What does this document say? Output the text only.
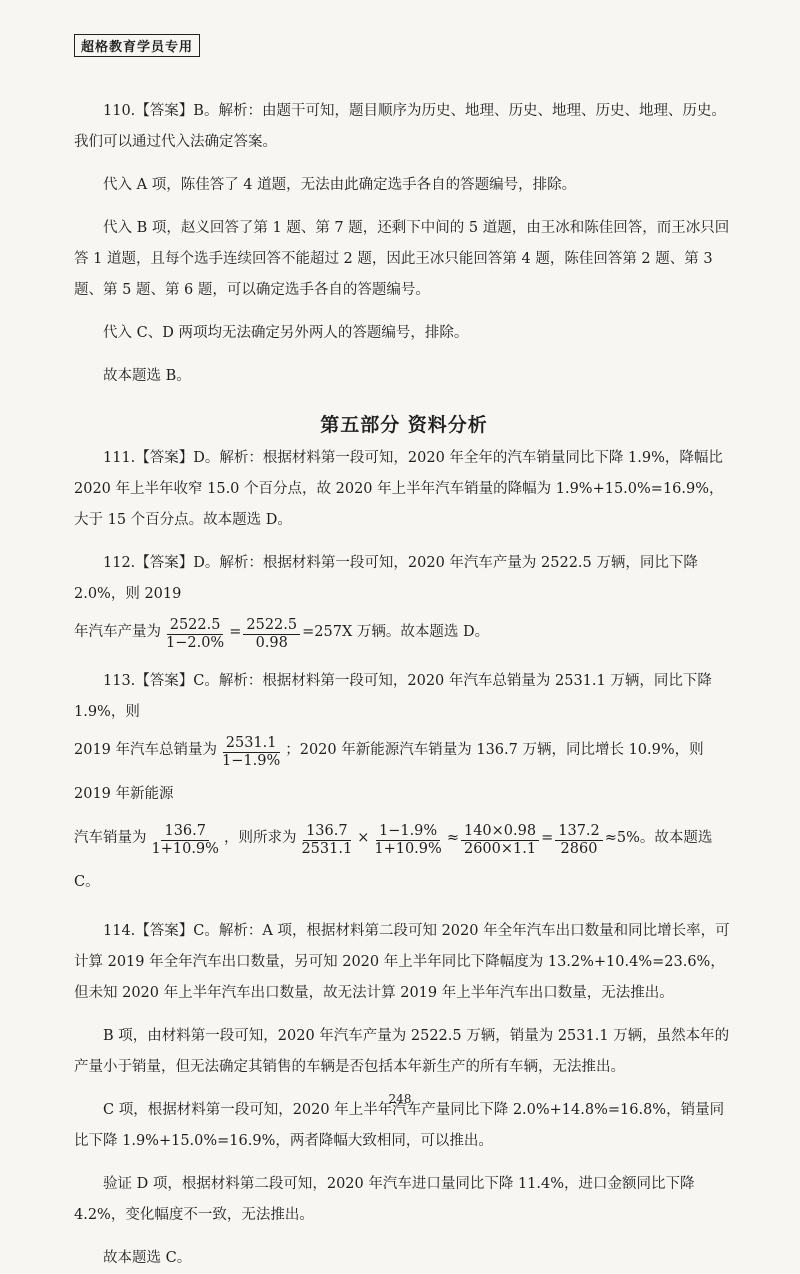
超格教育学员专用

110.【答案】B。解析：由题干可知，题目顺序为历史、地理、历史、地理、历史、地理、历史。我们可以通过代入法确定答案。

代入 A 项，陈佳答了 4 道题，无法由此确定选手各自的答题编号，排除。

代入 B 项，赵义回答了第 1 题、第 7 题，还剩下中间的 5 道题，由王冰和陈佳回答，而王冰只回答 1 道题，且每个选手连续回答不能超过 2 题，因此王冰只能回答第 4 题，陈佳回答第 2 题、第 3 题、第 5 题、第 6 题，可以确定选手各自的答题编号。

代入 C、D 两项均无法确定另外两人的答题编号，排除。

故本题选 B。

第五部分 资料分析

111.【答案】D。解析：根据材料第一段可知，2020 年全年的汽车销量同比下降 1.9%，降幅比 2020 年上半年收窄 15.0 个百分点，故 2020 年上半年汽车销量的降幅为 1.9%+15.0%=16.9%，大于 15 个百分点。故本题选 D。

112.【答案】D。解析：根据材料第一段可知，2020 年汽车产量为 2522.5 万辆，同比下降 2.0%，则 2019

年汽车产量为 $\frac{2522.5}{1-2.0\%} = \frac{2522.5}{0.98} =257X$ 万辆。故本题选 D。

113.【答案】C。解析：根据材料第一段可知，2020 年汽车总销量为 2531.1 万辆，同比下降 1.9%，则

2019 年汽车总销量为 $\frac{2531.1}{1-1.9\%}$ ；2020 年新能源汽车销量为 136.7 万辆，同比增长 10.9%，则 2019 年新能源

汽车销量为 $\frac{136.7}{1+10.9\%}$ ，则所求为 $\frac{136.7}{2531.1} \times \frac{1-1.9\%}{1+10.9\%} \approx \frac{140\times 0.98}{2600\times 1.1} = \frac{137.2}{2860} \approx 5\%$。故本题选 C。

114.【答案】C。解析：A 项，根据材料第二段可知 2020 年全年汽车出口数量和同比增长率，可计算 2019 年全年汽车出口数量，另可知 2020 年上半年同比下降幅度为 13.2%+10.4%=23.6%，但未知 2020 年上半年汽车出口数量，故无法计算 2019 年上半年汽车出口数量，无法推出。

B 项，由材料第一段可知，2020 年汽车产量为 2522.5 万辆，销量为 2531.1 万辆，虽然本年的产量小于销量，但无法确定其销售的车辆是否包括本年新生产的所有车辆，无法推出。

C 项，根据材料第一段可知，2020 年上半年汽车产量同比下降 2.0%+14.8%=16.8%，销量同比下降 1.9%+15.0%=16.9%，两者降幅大致相同，可以推出。

验证 D 项，根据材料第二段可知，2020 年汽车进口量同比下降 11.4%，进口金额同比下降 4.2%，变化幅度不一致，无法推出。

故本题选 C。

248
